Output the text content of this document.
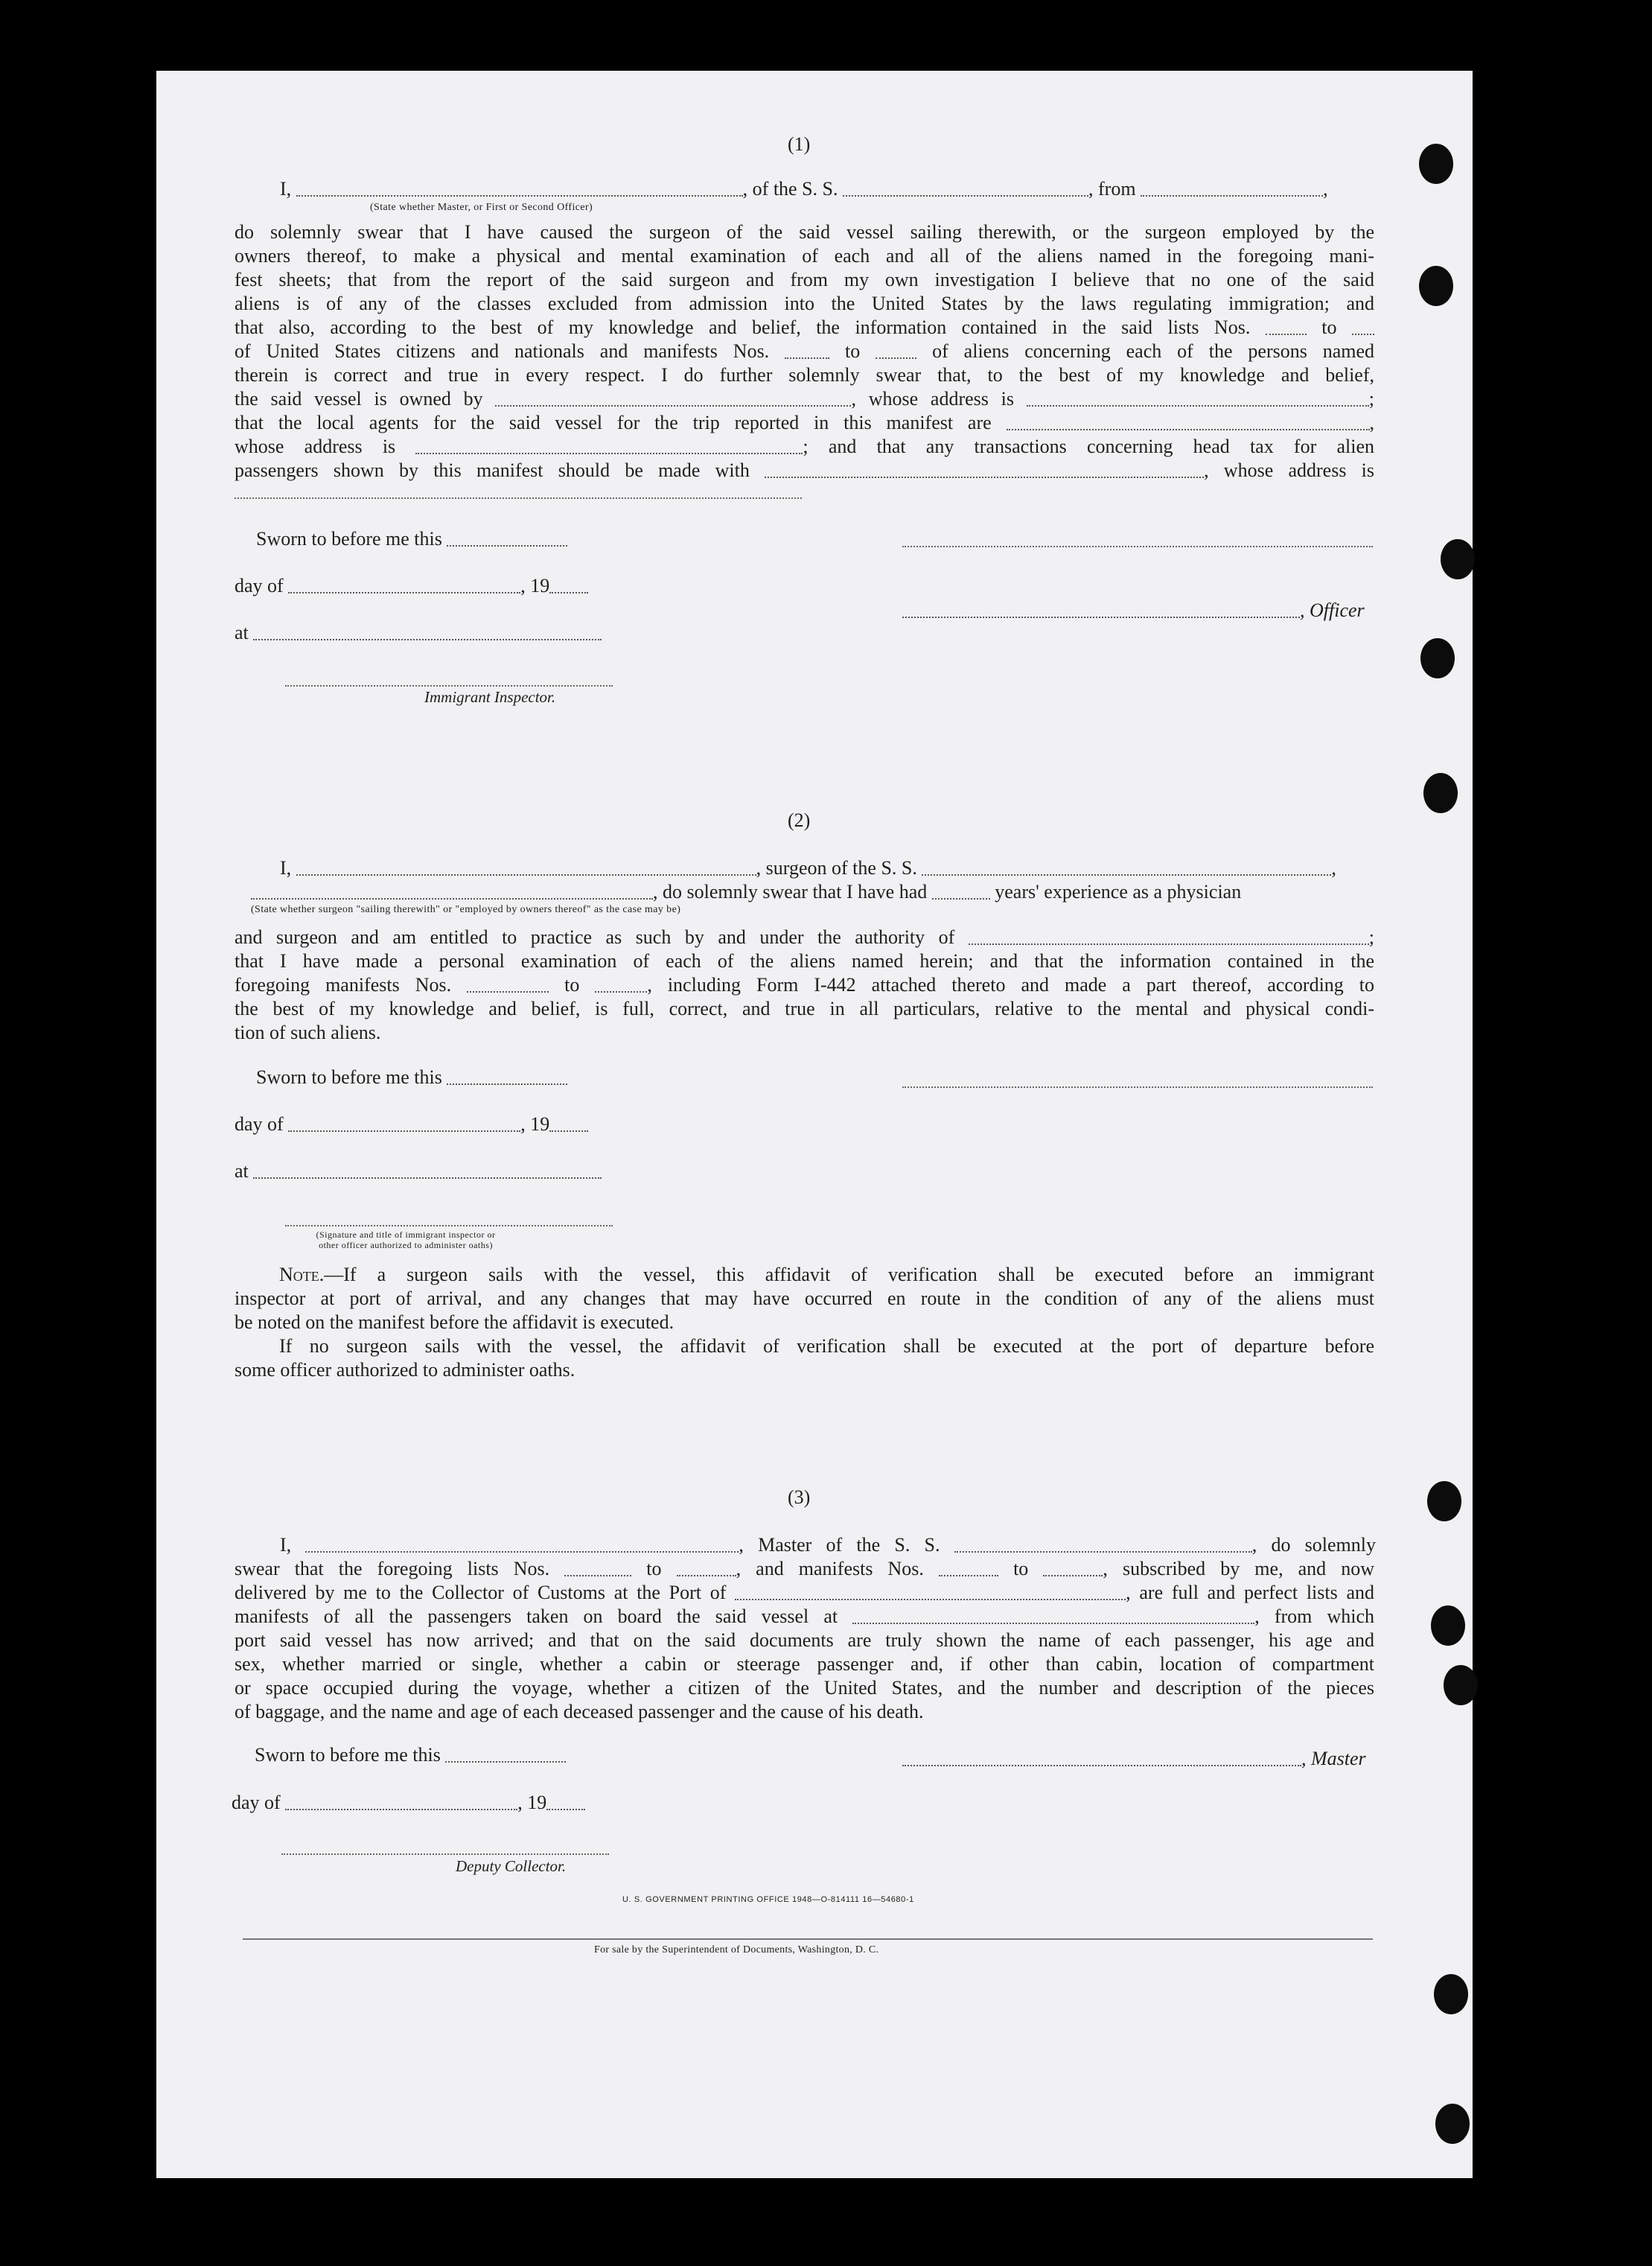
(1)
I,	, of the S. S.	, from	,
(State whether Master, or First or Second Officer)
do solemnly swear that I have caused the surgeon of the said vessel sailing therewith, or the surgeon employed by the
owners thereof, to make a physical and mental examination of each and all of the aliens named in the foregoing mani-
fest sheets; that from the report of the said surgeon and from my own investigation I believe that no one of the said
aliens is of any of the classes excluded from admission into the United States by the laws regulating immigration; and
that also, according to the best of my knowledge and belief, the information contained in the said lists Nos.	to
of United States citizens and nationals and manifests Nos.	to	of aliens concerning each of the persons named
therein is correct and true in every respect. I do further solemnly swear that, to the best of my knowledge and belief,
the said vessel is owned by	, whose address is	;
that the local agents for the said vessel for the trip reported in this manifest are	,
whose address is	; and that any transactions concerning head tax for alien
passengers shown by this manifest should be made with	, whose address is
Sworn to before me this
day of	, 19
, Officer
at
Immigrant Inspector.
(2)
I,	, surgeon of the S. S.	,
, do solemnly swear that I have had	years' experience as a physician
(State whether surgeon "sailing therewith" or "employed by owners thereof" as the case may be)
and surgeon and am entitled to practice as such by and under the authority of	;
that I have made a personal examination of each of the aliens named herein; and that the information contained in the
foregoing manifests Nos.	to	, including Form I-442 attached thereto and made a part thereof, according to
the best of my knowledge and belief, is full, correct, and true in all particulars, relative to the mental and physical condi-
tion of such aliens.
Sworn to before me this
day of	, 19
at
(Signature and title of immigrant inspector or
other officer authorized to administer oaths)
Note.—If a surgeon sails with the vessel, this affidavit of verification shall be executed before an immigrant
inspector at port of arrival, and any changes that may have occurred en route in the condition of any of the aliens must
be noted on the manifest before the affidavit is executed.
If no surgeon sails with the vessel, the affidavit of verification shall be executed at the port of departure before
some officer authorized to administer oaths.
(3)
I,	, Master of the S. S.	, do solemnly
swear that the foregoing lists Nos.	to	, and manifests Nos.	to	, subscribed by me, and now
delivered by me to the Collector of Customs at the Port of	, are full and perfect lists and
manifests of all the passengers taken on board the said vessel at	, from which
port said vessel has now arrived; and that on the said documents are truly shown the name of each passenger, his age and
sex, whether married or single, whether a cabin or steerage passenger and, if other than cabin, location of compartment
or space occupied during the voyage, whether a citizen of the United States, and the number and description of the pieces
of baggage, and the name and age of each deceased passenger and the cause of his death.
Sworn to before me this	, Master
day of	, 19
Deputy Collector.
U. S. GOVERNMENT PRINTING OFFICE 1948—O-814111 16—54680-1
For sale by the Superintendent of Documents, Washington, D. C.
